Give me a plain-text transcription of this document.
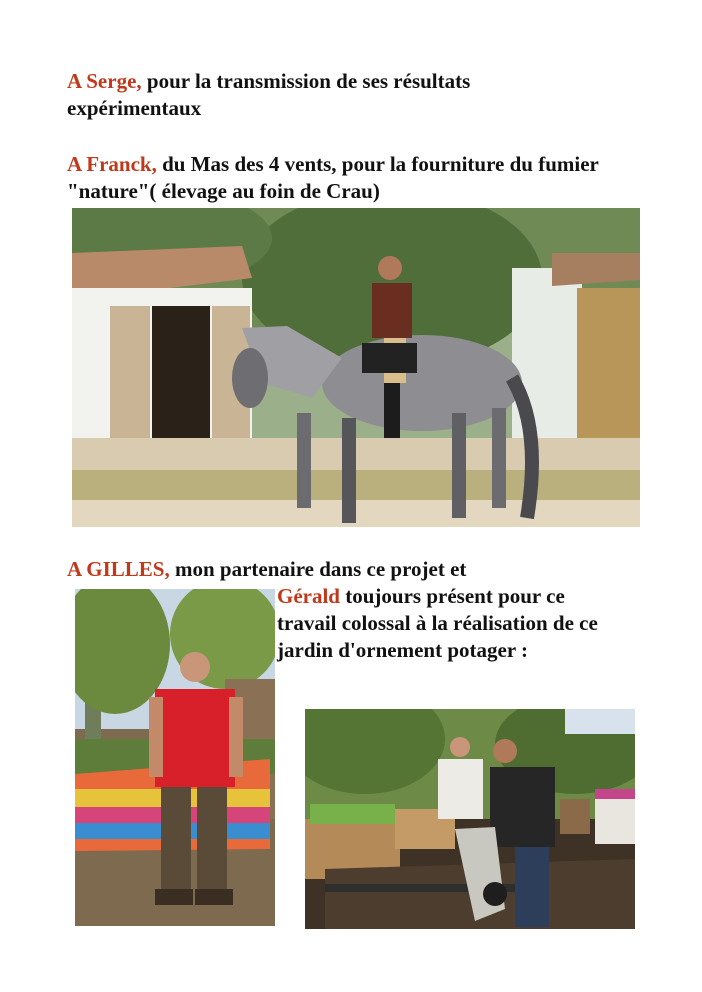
A Serge, pour la transmission de ses résultats expérimentaux

A Franck, du Mas des 4 vents, pour la fourniture du fumier "nature"( élevage au foin de Crau)

A GILLES, mon partenaire dans ce projet et

Gérald toujours présent pour ce travail colossal à la réalisation de ce jardin d'ornement potager :
